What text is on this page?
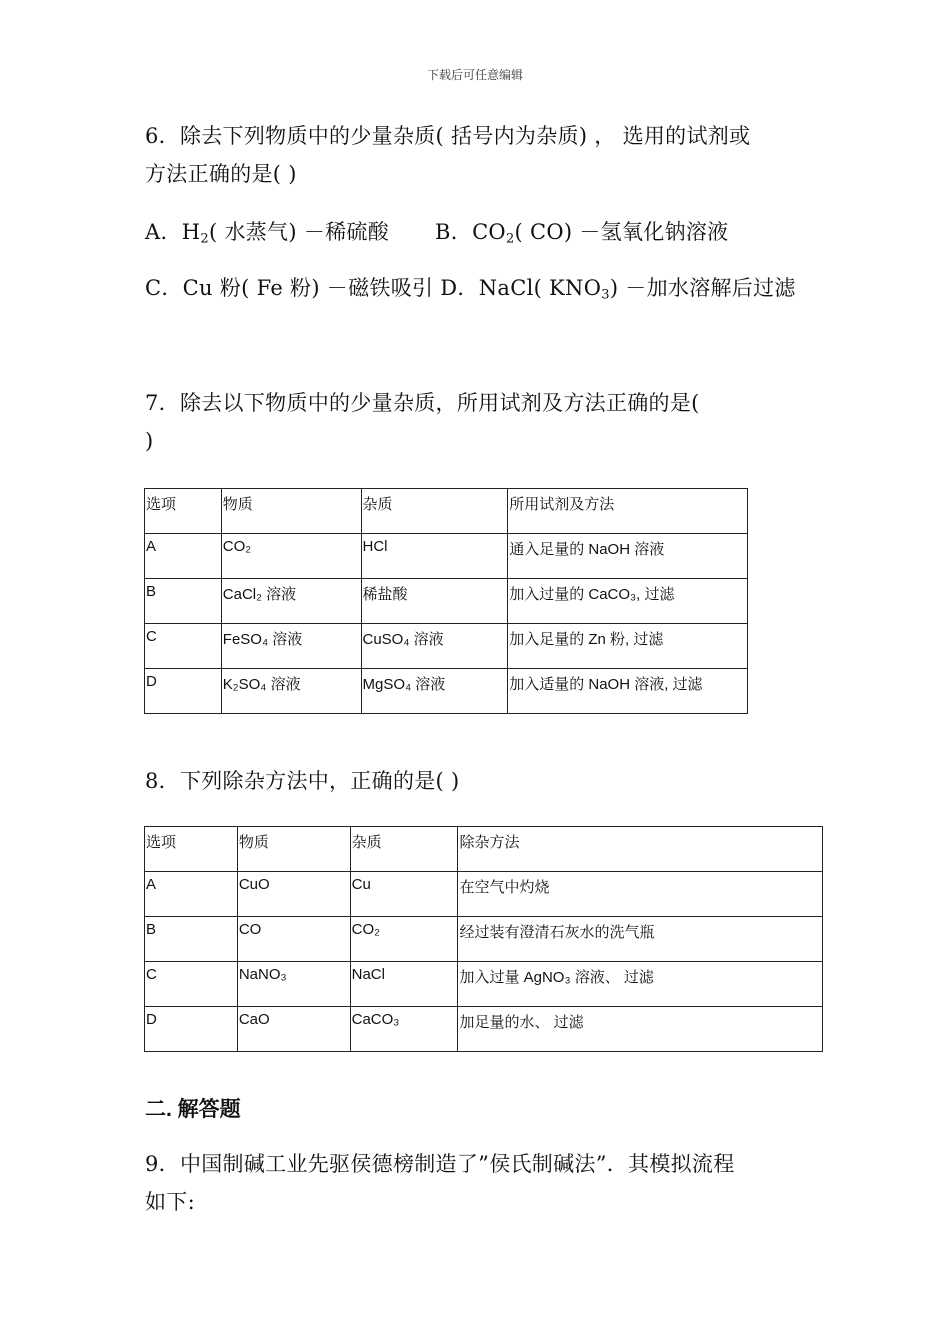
下载后可任意编辑
6．除去下列物质中的少量杂质( 括号内为杂质) ， 选用的试剂或
方法正确的是( )
A．$H_2$( 水蒸气) －稀硫酸 B．$CO_2$( CO) －氢氧化钠溶液
C．Cu 粉( Fe 粉) －磁铁吸引 D．NaCl( $KNO_3$) －加水溶解后过滤
7．除去以下物质中的少量杂质，所用试剂及方法正确的是(
)
选项	物质	杂质	所用试剂及方法
A	CO₂	HCl	通入足量的 NaOH 溶液
B	CaCl₂ 溶液	稀盐酸	加入过量的 CaCO₃, 过滤
C	FeSO₄ 溶液	CuSO₄ 溶液	加入足量的 Zn 粉, 过滤
D	K₂SO₄ 溶液	MgSO₄ 溶液	加入适量的 NaOH 溶液, 过滤
8．下列除杂方法中，正确的是( )
选项	物质	杂质	除杂方法
A	CuO	Cu	在空气中灼烧
B	CO	CO₂	经过装有澄清石灰水的洗气瓶
C	NaNO₃	NaCl	加入过量 AgNO₃ 溶液、 过滤
D	CaO	CaCO₃	加足量的水、 过滤
二. 解答题
9．中国制碱工业先驱侯德榜制造了”侯氏制碱法”．其模拟流程
如下:
